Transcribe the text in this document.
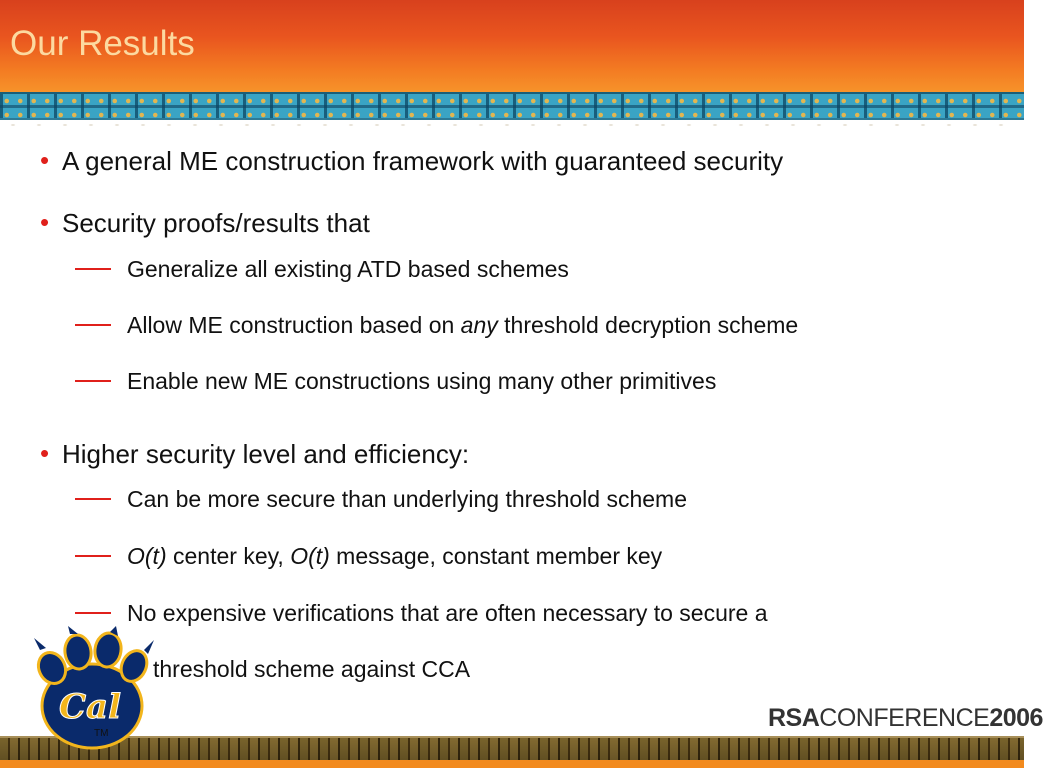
Our Results
• A general ME construction framework with guaranteed security
• Security proofs/results that
Generalize all existing ATD based schemes
Allow ME construction based on any threshold decryption scheme
Enable new ME constructions using many other primitives
• Higher security level and efficiency:
Can be more secure than underlying threshold scheme
O(t) center key, O(t) message, constant member key
No expensive verifications that are often necessary to secure a
threshold scheme against CCA
Cal
TM
RSACONFERENCE2006
